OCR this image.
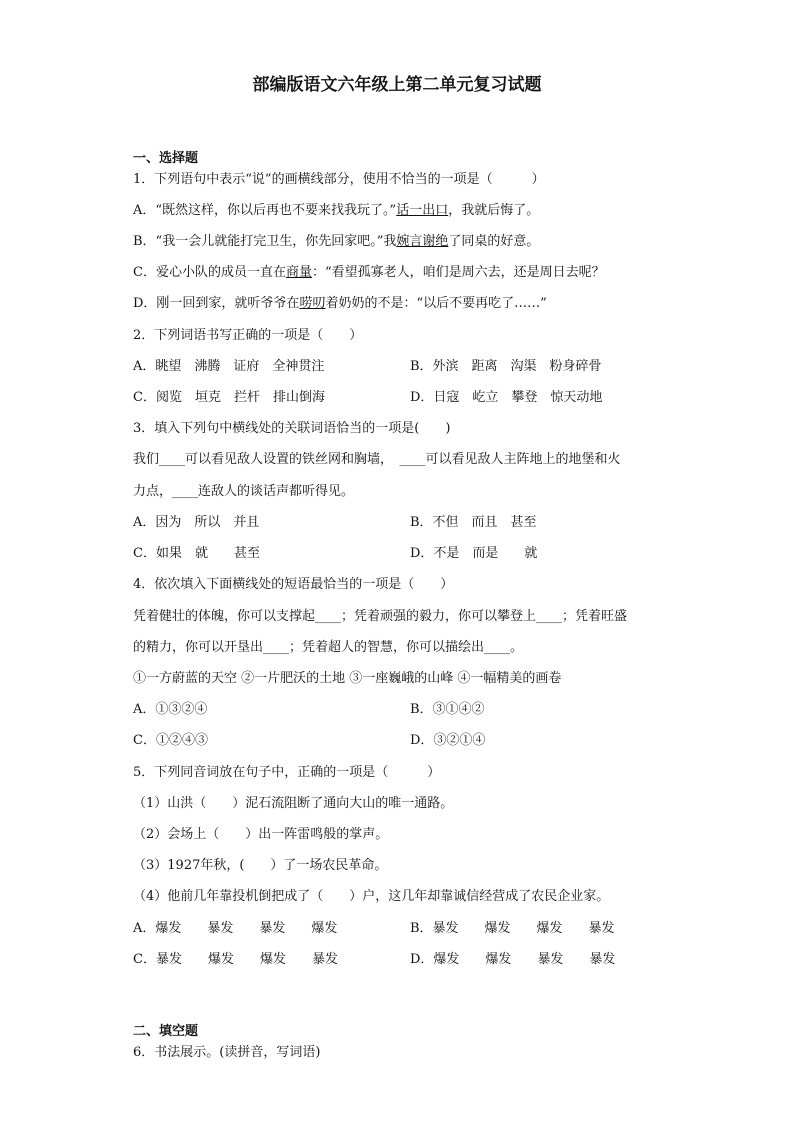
部编版语文六年级上第二单元复习试题
一、选择题
1．下列语句中表示“说”的画横线部分，使用不恰当的一项是（　　　）
A．“既然这样，你以后再也不要来找我玩了。”话一出口，我就后悔了。
B．“我一会儿就能打完卫生，你先回家吧。”我婉言谢绝了同桌的好意。
C．爱心小队的成员一直在商量：“看望孤寡老人，咱们是周六去，还是周日去呢？
D．刚一回到家，就听爷爷在唠叨着奶奶的不是：“以后不要再吃了……”
2．下列词语书写正确的一项是（　　）
A．眺望　沸腾　证府　全神贯注	B．外滨　距离　沟渠　粉身碎骨
C．阅览　垣克　拦杆　排山倒海	D．日寇　屹立　攀登　惊天动地
3．填入下列句中横线处的关联词语恰当的一项是(　　)
我们____可以看见敌人设置的铁丝网和胸墙，　____可以看见敌人主阵地上的地堡和火
力点，____连敌人的谈话声都听得见。
A．因为　所以　并且	B．不但　而且　甚至
C．如果　就　　甚至	D．不是　而是　　就
4．依次填入下面横线处的短语最恰当的一项是（　　）
凭着健壮的体魄，你可以支撑起____；凭着顽强的毅力，你可以攀登上____；凭着旺盛
的精力，你可以开垦出____；凭着超人的智慧，你可以描绘出____。
①一方蔚蓝的天空 ②一片肥沃的土地 ③一座巍峨的山峰 ④一幅精美的画卷
A．①③②④	B．③①④②
C．①②④③	D．③②①④
5．下列同音词放在句子中，正确的一项是（　　　）
（1）山洪（　　）泥石流阻断了通向大山的唯一通路。
（2）会场上（　　）出一阵雷鸣般的掌声。
（3）1927年秋，(　　）了一场农民革命。
（4）他前几年靠投机倒把成了（　　）户，这几年却靠诚信经营成了农民企业家。
A．爆发　　暴发　　暴发　　爆发	B．暴发　　爆发　　爆发　　暴发
C．暴发　　爆发　　爆发　　暴发	D．爆发　　爆发　　暴发　　暴发
二、填空题
6．书法展示。(读拼音，写词语)
